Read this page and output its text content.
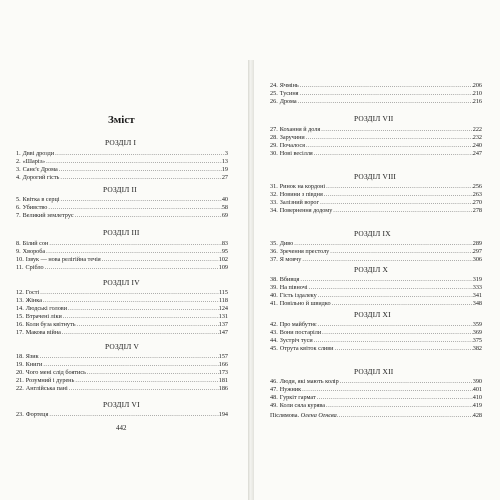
Зміст
442
РОЗДІЛ І
1. Двві дрозди .....	3
2. «Шаріз» .....	13
3. Санє'є Дрома .....	19
4. Дорогий гість .....	27
РОЗДІЛ ІІ
5. Квітка в серці .....	40
6. Убивство .....	58
7. Великий землетрус .....	69
РОЗДІЛ ІІІ
8. Білий сон .....	83
9. Хвороба .....	95
10. Ізвук — нова релігійна течія .....	102
11. Срібло .....	109
РОЗДІЛ IV
12. Гості .....	115
13. Жінка .....	118
14. Людські голови .....	124
15. Втрачені ліки .....	131
16. Коли буза квітнуть .....	137
17. Макова війна .....	147
РОЗДІЛ V
18. Язик .....	157
19. Книги .....	166
20. Чого мені слід боятись .....	173
21. Розумний і дурень .....	181
22. Англійська пані .....	186
РОЗДІЛ VI
23. Фортеця .....	194
24. Ячмінь .....	206
25. Тусиня .....	210
26. Дрома .....	216
РОЗДІЛ VII
27. Кохання й доля .....	222
28. Заручини .....	232
29. Почалося .....	240
30. Нові весілля .....	247
РОЗДІЛ VIII
31. Ринок на кордоні .....	256
32. Новини з півдня .....	263
33. Залізний ворог .....	270
34. Повернення додому .....	278
РОЗДІЛ IX
35. Диво .....	289
36. Зречення престолу .....	297
37. Я мовчу .....	306
РОЗДІЛ X
38. Вбивця .....	319
39. На півночі .....	333
40. Гість іздалеку .....	341
41. Повільно й швидко .....	348
РОЗДІЛ XI
42. Про майбутнє .....	359
43. Вони постаріли .....	369
44. Зустріч туси .....	375
45. Отрута квіток сливи .....	382
РОЗДІЛ XII
46. Люди, які мають колір .....	390
47. Нужник .....	401
48. Гуркіт гармат .....	410
49. Коли сяла курява .....	419
Післямова. Олена Огнєва .....	428
